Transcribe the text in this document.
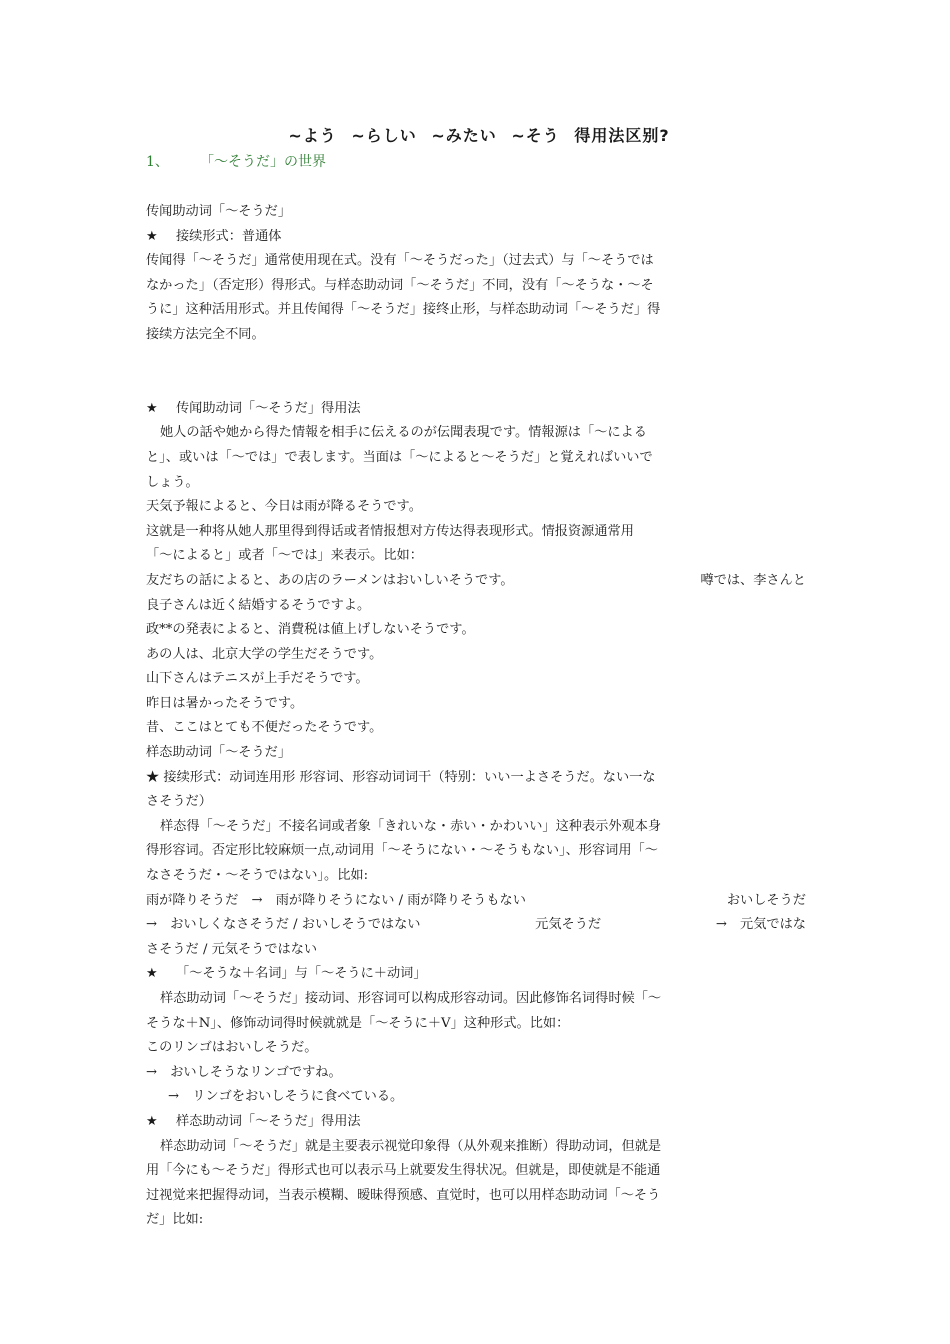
~よう ~らしい ~みたい ~そう 得用法区别?
1、 「～そうだ」の世界
传闻助动词「～そうだ」
★ 接续形式：普通体
传闻得「～そうだ」通常使用现在式。没有「～そうだった」（过去式）与「～そうでは
なかった」（否定形）得形式。与样态助动词「～そうだ」不同，没有「～そうな・～そ
うに」这种活用形式。并且传闻得「～そうだ」接终止形，与样态助动词「～そうだ」得
接续方法完全不同。
★ 传闻助动词「～そうだ」得用法
她人の話や她から得た情報を相手に伝えるのが伝聞表現です。情報源は「～による
と」、或いは「～では」で表します。当面は「～によると～そうだ」と覚えればいいで
しょう。
天気予報によると、今日は雨が降るそうです。
这就是一种将从她人那里得到得话或者情报想对方传达得表现形式。情报资源通常用
「～によると」或者「～では」来表示。比如：
友だちの話によると、あの店のラーメンはおいしいそうです。	噂では、李さんと
良子さんは近く結婚するそうですよ。
政**の発表によると、消費税は値上げしないそうです。
あの人は、北京大学の学生だそうです。
山下さんはテニスが上手だそうです。
昨日は暑かったそうです。
昔、ここはとても不便だったそうです。
样态助动词「～そうだ」
★ 接续形式：动词连用形 形容词、形容动词词干（特别：いい一よさそうだ。ない一な
さそうだ）
样态得「～そうだ」不接名词或者象「きれいな・赤い・かわいい」这种表示外观本身
得形容词。否定形比较麻烦一点,动词用「～そうにない・～そうもない」、形容词用「～
なさそうだ・～そうではない」。比如:
雨が降りそうだ　→　雨が降りそうにない / 雨が降りそうもない	おいしそうだ
→　おいしくなさそうだ / おいしそうではない	元気そうだ	→　元気ではな
さそうだ / 元気そうではない
★ 「～そうな＋名词」与「～そうに＋动词」
样态助动词「～そうだ」接动词、形容词可以构成形容动词。因此修饰名词得时候「～
そうな＋N」、修饰动词得时候就就是「～そうに＋V」这种形式。比如：
このリンゴはおいしそうだ。
→　おいしそうなリンゴですね。
→　リンゴをおいしそうに食べている。
★ 样态助动词「～そうだ」得用法
样态助动词「～そうだ」就是主要表示视觉印象得（从外观来推断）得助动词，但就是
用「今にも～そうだ」得形式也可以表示马上就要发生得状况。但就是，即使就是不能通
过视觉来把握得动词，当表示模糊、暧昧得预感、直觉时，也可以用样态助动词「～そう
だ」比如:
